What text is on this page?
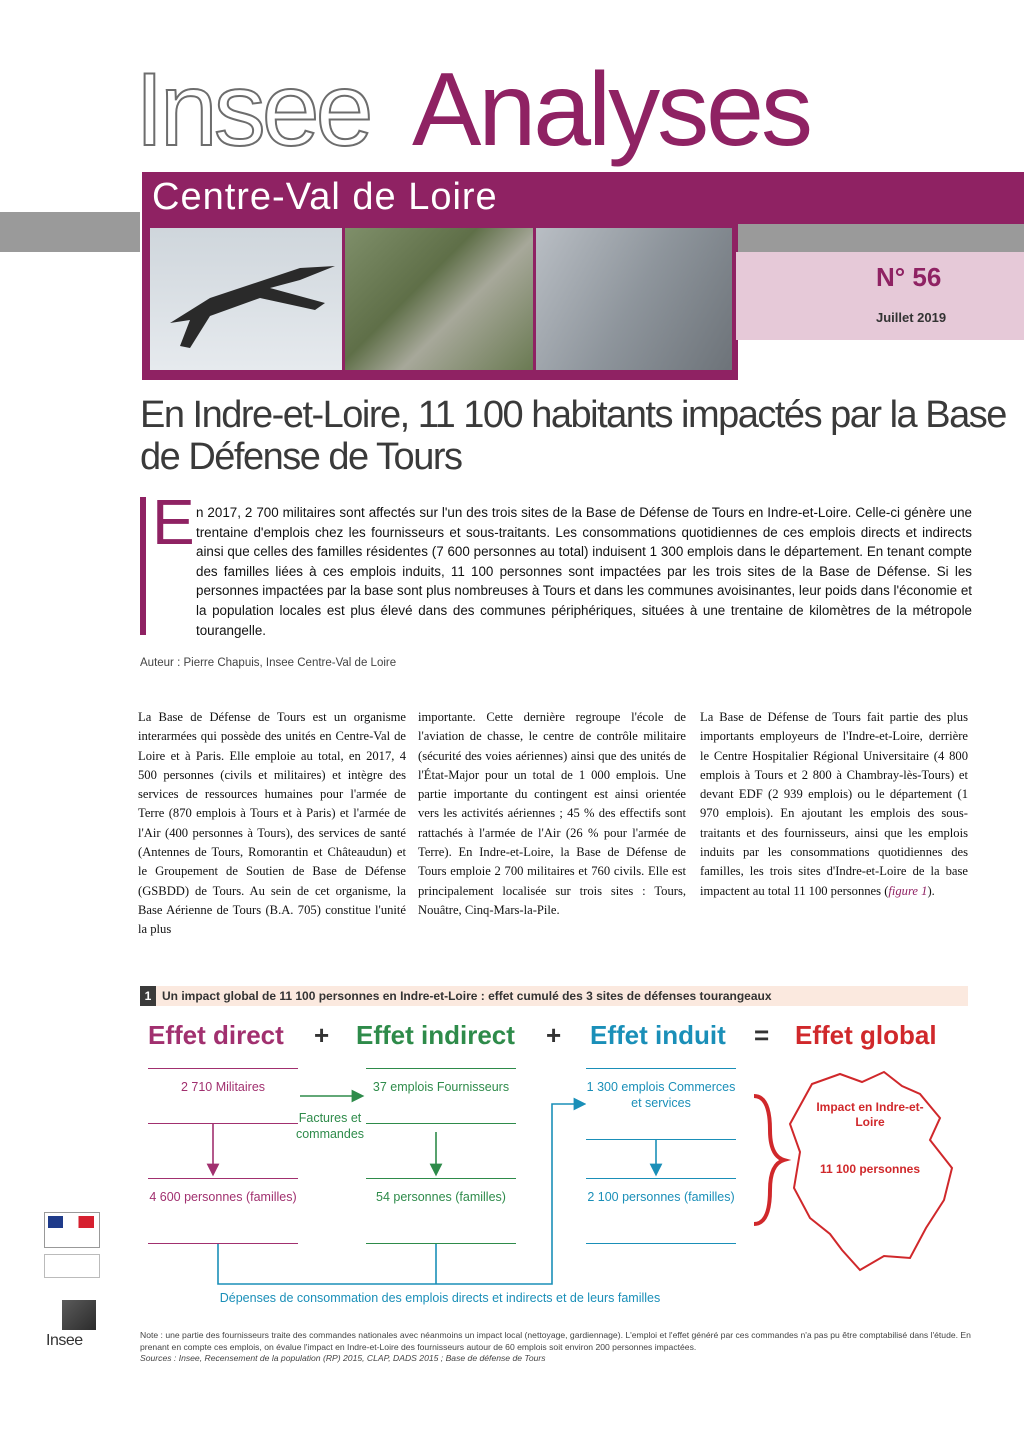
Insee Analyses
Centre-Val de Loire
N° 56
Juillet 2019
En Indre-et-Loire, 11 100 habitants impactés par la Base de Défense de Tours
E n 2017, 2 700 militaires sont affectés sur l'un des trois sites de la Base de Défense de Tours en Indre-et-Loire. Celle-ci génère une trentaine d'emplois chez les fournisseurs et sous-traitants. Les consommations quotidiennes de ces emplois directs et indirects ainsi que celles des familles résidentes (7 600 personnes au total) induisent 1 300 emplois dans le département. En tenant compte des familles liées à ces emplois induits, 11 100 personnes sont impactées par les trois sites de la Base de Défense. Si les personnes impactées par la base sont plus nombreuses à Tours et dans les communes avoisinantes, leur poids dans l'économie et la population locales est plus élevé dans des communes périphériques, situées à une trentaine de kilomètres de la métropole tourangelle.
Auteur : Pierre Chapuis, Insee Centre-Val de Loire
La Base de Défense de Tours est un organisme interarmées qui possède des unités en Centre-Val de Loire et à Paris. Elle emploie au total, en 2017, 4 500 personnes (civils et militaires) et intègre des services de ressources humaines pour l'armée de Terre (870 emplois à Tours et à Paris) et l'armée de l'Air (400 personnes à Tours), des services de santé (Antennes de Tours, Romorantin et Châteaudun) et le Groupement de Soutien de Base de Défense (GSBDD) de Tours. Au sein de cet organisme, la Base Aérienne de Tours (B.A. 705) constitue l'unité la plus
importante. Cette dernière regroupe l'école de l'aviation de chasse, le centre de contrôle militaire (sécurité des voies aériennes) ainsi que des unités de l'État-Major pour un total de 1 000 emplois. Une partie importante du contingent est ainsi orientée vers les activités aériennes ; 45 % des effectifs sont rattachés à l'armée de l'Air (26 % pour l'armée de Terre). En Indre-et-Loire, la Base de Défense de Tours emploie 2 700 militaires et 760 civils. Elle est principalement localisée sur trois sites : Tours, Nouâtre, Cinq-Mars-la-Pile.
La Base de Défense de Tours fait partie des plus importants employeurs de l'Indre-et-Loire, derrière le Centre Hospitalier Régional Universitaire (4 800 emplois à Tours et 2 800 à Chambray-lès-Tours) et devant EDF (2 939 emplois) ou le département (1 970 emplois). En ajoutant les emplois des sous-traitants et des fournisseurs, ainsi que les emplois induits par les consommations quotidiennes des familles, les trois sites d'Indre-et-Loire de la base impactent au total 11 100 personnes (figure 1).
1 Un impact global de 11 100 personnes en Indre-et-Loire : effet cumulé des 3 sites de défenses tourangeaux
Effet direct + Effet indirect + Effet induit = Effet global
2 710 Militaires
4 600 personnes (familles)
37 emplois Fournisseurs
54 personnes (familles)
1 300 emplois Commerces et services
2 100 personnes (familles)
Factures et commandes
Dépenses de consommation des emplois directs et indirects et de leurs familles
Impact en Indre-et-Loire
11 100 personnes
Note : une partie des fournisseurs traite des commandes nationales avec néanmoins un impact local (nettoyage, gardiennage). L'emploi et l'effet généré par ces commandes n'a pas pu être comptabilisé dans l'étude. En prenant en compte ces emplois, on évalue l'impact en Indre-et-Loire des fournisseurs autour de 60 emplois soit environ 200 personnes impactées.
Sources : Insee, Recensement de la population (RP) 2015, CLAP, DADS 2015 ; Base de défense de Tours
Insee
